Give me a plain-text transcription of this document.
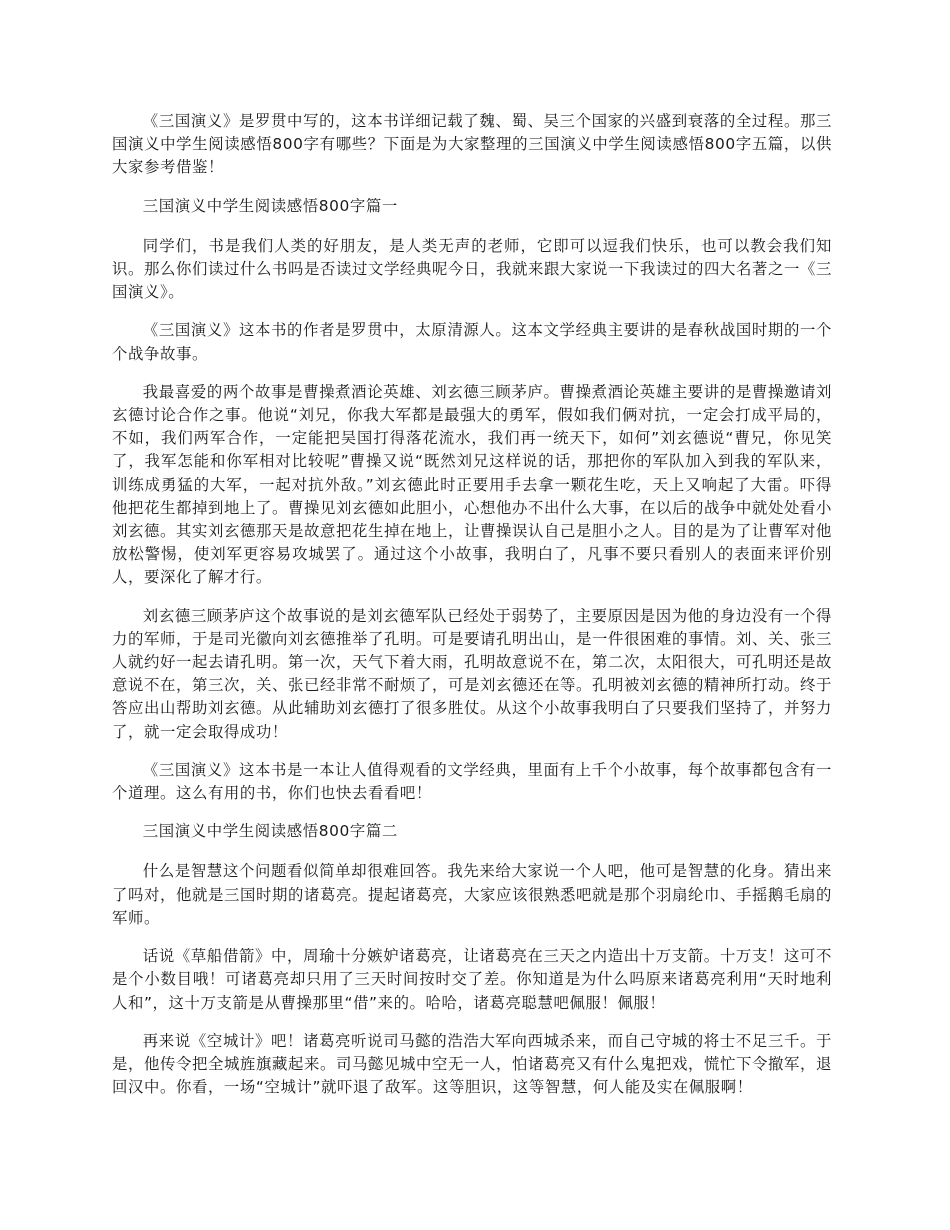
《三国演义》是罗贯中写的，这本书详细记载了魏、蜀、吴三个国家的兴盛到衰落的全过程。那三国演义中学生阅读感悟800字有哪些？下面是为大家整理的三国演义中学生阅读感悟800字五篇，以供大家参考借鉴！

三国演义中学生阅读感悟800字篇一

同学们，书是我们人类的好朋友，是人类无声的老师，它即可以逗我们快乐，也可以教会我们知识。那么你们读过什么书吗是否读过文学经典呢今日，我就来跟大家说一下我读过的四大名著之一《三国演义》。

《三国演义》这本书的作者是罗贯中，太原清源人。这本文学经典主要讲的是春秋战国时期的一个个战争故事。

我最喜爱的两个故事是曹操煮酒论英雄、刘玄德三顾茅庐。曹操煮酒论英雄主要讲的是曹操邀请刘玄德讨论合作之事。他说“刘兄，你我大军都是最强大的勇军，假如我们俩对抗，一定会打成平局的，不如，我们两军合作，一定能把吴国打得落花流水，我们再一统天下，如何”刘玄德说“曹兄，你见笑了，我军怎能和你军相对比较呢”曹操又说“既然刘兄这样说的话，那把你的军队加入到我的军队来，训练成勇猛的大军，一起对抗外敌。”刘玄德此时正要用手去拿一颗花生吃，天上又响起了大雷。吓得他把花生都掉到地上了。曹操见刘玄德如此胆小，心想他办不出什么大事，在以后的战争中就处处看小刘玄德。其实刘玄德那天是故意把花生掉在地上，让曹操误认自己是胆小之人。目的是为了让曹军对他放松警惕，使刘军更容易攻城罢了。通过这个小故事，我明白了，凡事不要只看别人的表面来评价别人，要深化了解才行。

刘玄德三顾茅庐这个故事说的是刘玄德军队已经处于弱势了，主要原因是因为他的身边没有一个得力的军师，于是司光徽向刘玄德推举了孔明。可是要请孔明出山，是一件很困难的事情。刘、关、张三人就约好一起去请孔明。第一次，天气下着大雨，孔明故意说不在，第二次，太阳很大，可孔明还是故意说不在，第三次，关、张已经非常不耐烦了，可是刘玄德还在等。孔明被刘玄德的精神所打动。终于答应出山帮助刘玄德。从此辅助刘玄德打了很多胜仗。从这个小故事我明白了只要我们坚持了，并努力了，就一定会取得成功！

《三国演义》这本书是一本让人值得观看的文学经典，里面有上千个小故事，每个故事都包含有一个道理。这么有用的书，你们也快去看看吧！

三国演义中学生阅读感悟800字篇二

什么是智慧这个问题看似简单却很难回答。我先来给大家说一个人吧，他可是智慧的化身。猜出来了吗对，他就是三国时期的诸葛亮。提起诸葛亮，大家应该很熟悉吧就是那个羽扇纶巾、手摇鹅毛扇的军师。

话说《草船借箭》中，周瑜十分嫉妒诸葛亮，让诸葛亮在三天之内造出十万支箭。十万支！这可不是个小数目哦！可诸葛亮却只用了三天时间按时交了差。你知道是为什么吗原来诸葛亮利用“天时地利人和”，这十万支箭是从曹操那里“借”来的。哈哈，诸葛亮聪慧吧佩服！佩服！

再来说《空城计》吧！诸葛亮听说司马懿的浩浩大军向西城杀来，而自己守城的将士不足三千。于是，他传令把全城旌旗藏起来。司马懿见城中空无一人，怕诸葛亮又有什么鬼把戏，慌忙下令撤军，退回汉中。你看，一场“空城计”就吓退了敌军。这等胆识，这等智慧，何人能及实在佩服啊！
